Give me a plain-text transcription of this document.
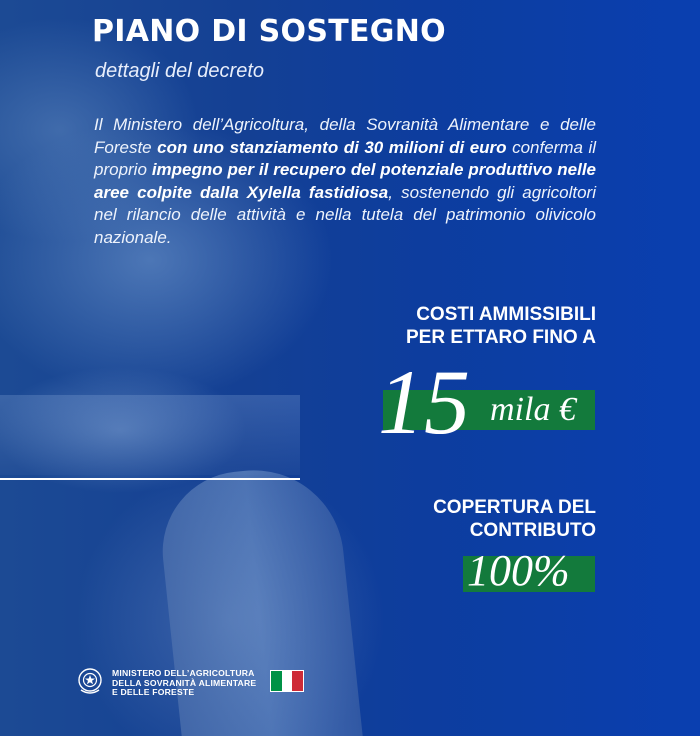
PIANO DI SOSTEGNO
dettagli del decreto
Il Ministero dell’Agricoltura, della Sovranità Alimentare e delle Foreste con uno stanziamento di 30 milioni di euro conferma il proprio impegno per il recupero del potenziale produttivo nelle aree colpite dalla Xylella fastidiosa, sostenendo gli agricoltori nel rilancio delle attività e nella tutela del patrimonio olivicolo nazionale.
COSTI AMMISSIBILI
PER ETTARO FINO A
15 mila €
COPERTURA DEL
CONTRIBUTO
100%
MINISTERO DELL’AGRICOLTURA
DELLA SOVRANITÀ ALIMENTARE
E DELLE FORESTE
